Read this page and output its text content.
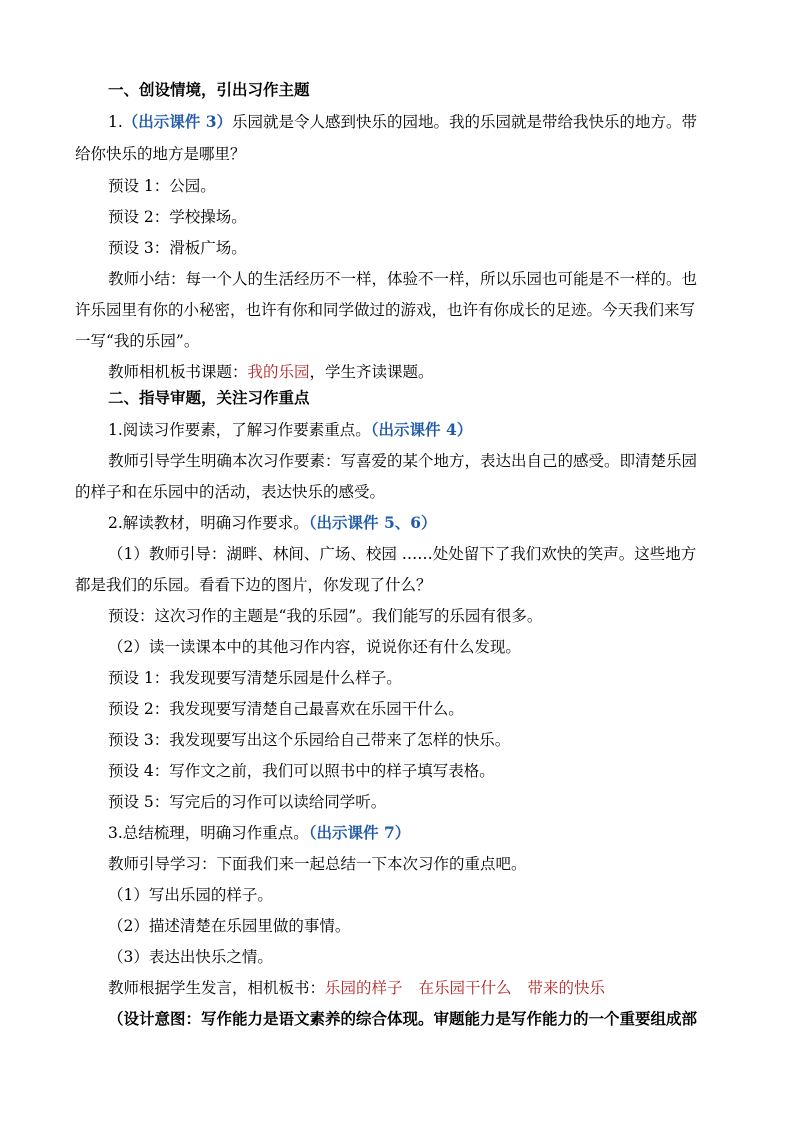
一、创设情境，引出习作主题
1.（出示课件 3）乐园就是令人感到快乐的园地。我的乐园就是带给我快乐的地方。带
给你快乐的地方是哪里？
预设 1：公园。
预设 2：学校操场。
预设 3：滑板广场。
教师小结：每一个人的生活经历不一样，体验不一样，所以乐园也可能是不一样的。也
许乐园里有你的小秘密，也许有你和同学做过的游戏，也许有你成长的足迹。今天我们来写
一写“我的乐园”。
教师相机板书课题：我的乐园，学生齐读课题。
二、指导审题，关注习作重点
1.阅读习作要素，了解习作要素重点。（出示课件 4）
教师引导学生明确本次习作要素：写喜爱的某个地方，表达出自己的感受。即清楚乐园
的样子和在乐园中的活动，表达快乐的感受。
2.解读教材，明确习作要求。（出示课件 5、6）
（1）教师引导：湖畔、林间、广场、校园 ……处处留下了我们欢快的笑声。这些地方
都是我们的乐园。看看下边的图片，你发现了什么？
预设：这次习作的主题是“我的乐园”。我们能写的乐园有很多。
（2）读一读课本中的其他习作内容，说说你还有什么发现。
预设 1：我发现要写清楚乐园是什么样子。
预设 2：我发现要写清楚自己最喜欢在乐园干什么。
预设 3：我发现要写出这个乐园给自己带来了怎样的快乐。
预设 4：写作文之前，我们可以照书中的样子填写表格。
预设 5：写完后的习作可以读给同学听。
3.总结梳理，明确习作重点。（出示课件 7）
教师引导学习：下面我们来一起总结一下本次习作的重点吧。
（1）写出乐园的样子。
（2）描述清楚在乐园里做的事情。
（3）表达出快乐之情。
教师根据学生发言，相机板书：乐园的样子 在乐园干什么 带来的快乐
（设计意图：写作能力是语文素养的综合体现。审题能力是写作能力的一个重要组成部
